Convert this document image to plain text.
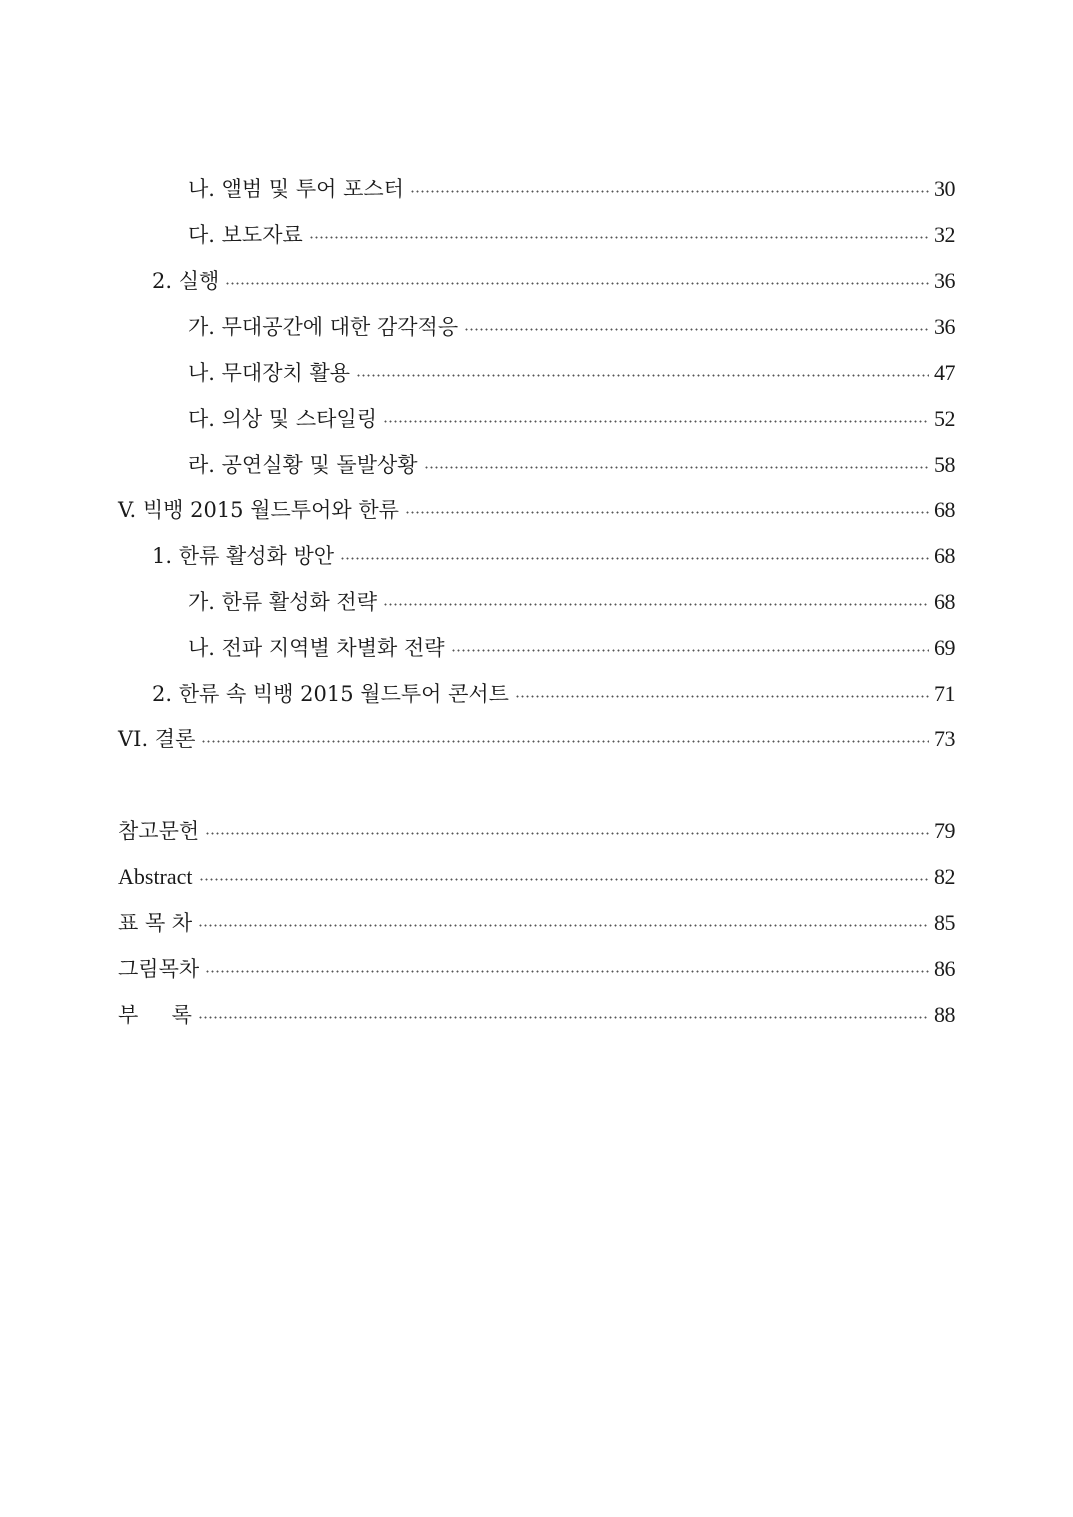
나. 앨범 및 투어 포스터	30
다. 보도자료	32
2. 실행	36
가. 무대공간에 대한 감각적응	36
나. 무대장치 활용	47
다. 의상 및 스타일링	52
라. 공연실황 및 돌발상황	58
V. 빅뱅 2015 월드투어와 한류	68
1. 한류 활성화 방안	68
가. 한류 활성화 전략	68
나. 전파 지역별 차별화 전략	69
2. 한류 속 빅뱅 2015 월드투어 콘서트	71
VI. 결론	73
참고문헌	79
Abstract	82
표 목 차	85
그림목차	86
부     록	88
